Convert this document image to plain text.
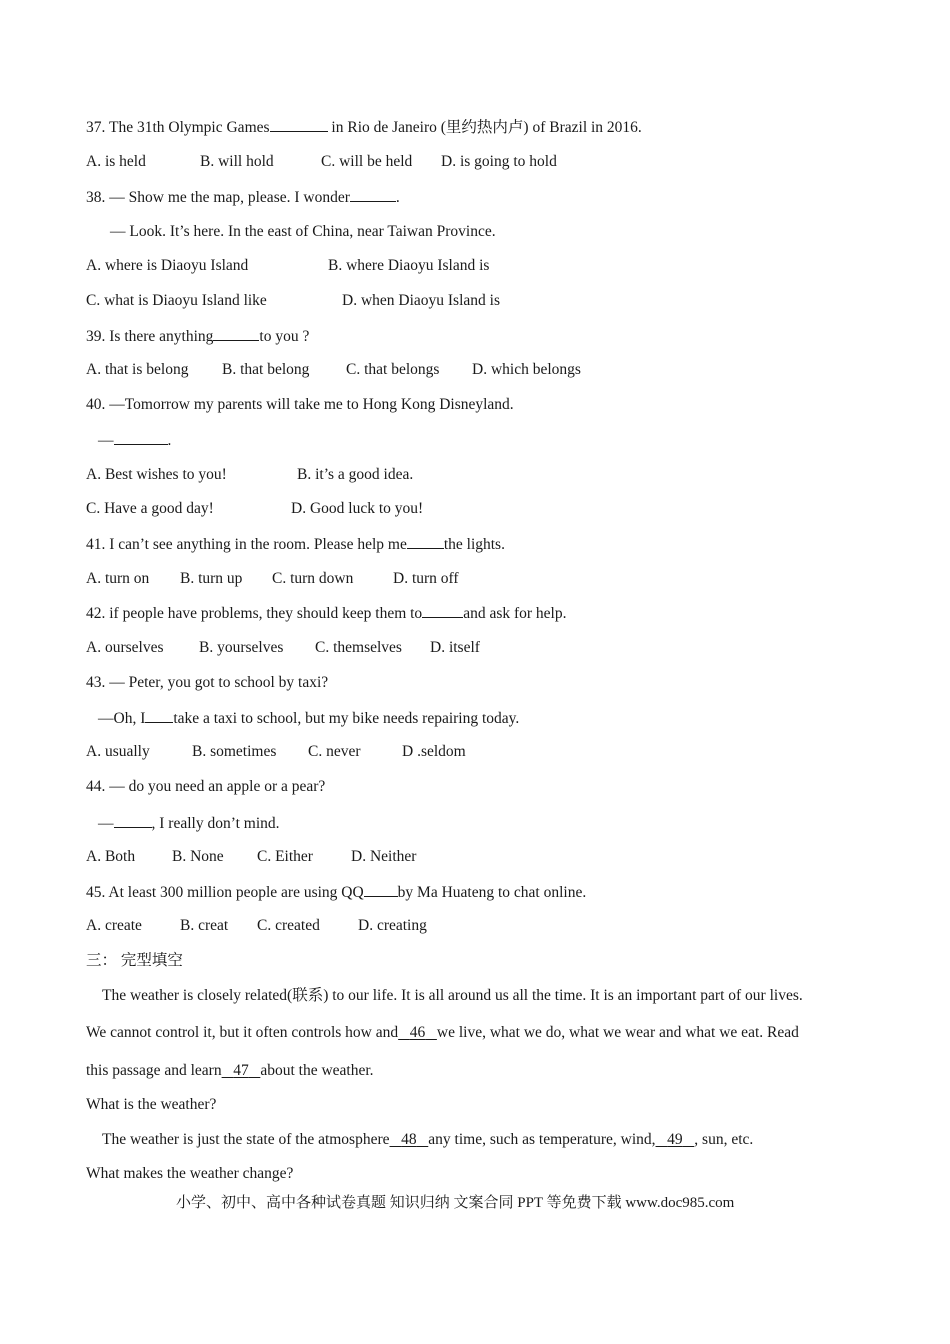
37. The 31th Olympic Games	in Rio de Janeiro (里约热内卢) of Brazil in 2016.
A. is held	B. will hold	C. will be held D. is going to hold
38. — Show me the map, please. I wonder	.
— Look. It’s here. In the east of China, near Taiwan Province.
A. where is Diaoyu Island	B. where Diaoyu Island is
C. what is Diaoyu Island like	D. when Diaoyu Island is
39. Is there anything	to you ?
A. that is belong B. that belong C. that belongs D. which belongs
40. —Tomorrow my parents will take me to Hong Kong Disneyland.
—	.
A. Best wishes to you!	B. it’s a good idea.
C. Have a good day!	D. Good luck to you!
41. I can’t see anything in the room. Please help me the lights.
A. turn on B. turn up C. turn down	D. turn off
42. if people have problems, they should keep them to	and ask for help.
A. ourselves B. yourselves C. themselves D. itself
43. — Peter, you got to school by taxi?
—Oh, I take a taxi to school, but my bike needs repairing today.
A. usually	B. sometimes C. never	D .seldom
44. — do you need an apple or a pear?
— , I really don’t mind.
A. Both B. None C. Either D. Neither
45. At least 300 million people are using QQ by Ma Huateng to chat online.
A. create B. creat C. created D. creating
三： 完型填空
The weather is closely related(联系) to our life. It is all around us all the time. It is an important part of our lives.
We cannot control it, but it often controls how and 46 we live, what we do, what we wear and what we eat. Read
this passage and learn 47 about the weather.
What is the weather?
The weather is just the state of the atmosphere 48 any time, such as temperature, wind, 49 , sun, etc.
What makes the weather change?
小学、初中、高中各种试卷真题 知识归纳 文案合同 PPT 等免费下载 www.doc985.com
